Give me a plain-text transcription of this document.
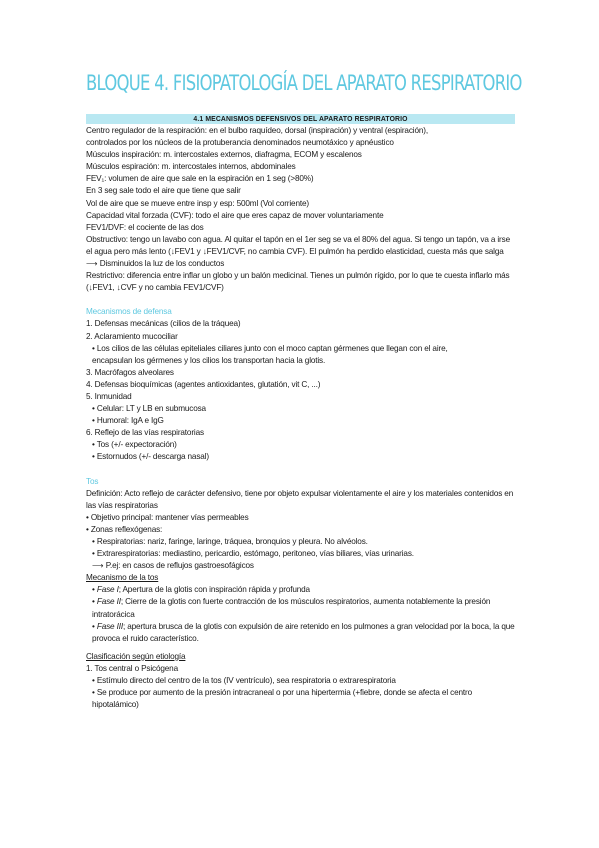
BLOQUE 4. FISIOPATOLOGÍA DEL APARATO RESPIRATORIO
4.1 MECANISMOS DEFENSIVOS DEL APARATO RESPIRATORIO
Centro regulador de la respiración: en el bulbo raquídeo, dorsal (inspiración) y ventral (espiración),
controlados por los núcleos de la protuberancia denominados neumotáxico y apnéustico
Músculos inspiración: m. intercostales externos, diafragma, ECOM y escalenos
Músculos espiración: m. intercostales internos, abdominales
FEV₁: volumen de aire que sale en la espiración en 1 seg (>80%)
En 3 seg sale todo el aire que tiene que salir
Vol de aire que se mueve entre insp y esp: 500ml (Vol corriente)
Capacidad vital forzada (CVF): todo el aire que eres capaz de mover voluntariamente
FEV1/DVF: el cociente de las dos
Obstructivo: tengo un lavabo con agua. Al quitar el tapón en el 1er seg se va el 80% del agua. Si tengo un tapón, va a irse el agua pero más lento (↓FEV1 y ↓FEV1/CVF, no cambia CVF). El pulmón ha perdido elasticidad, cuesta más que salga
⟶ Disminuidos la luz de los conductos
Restrictivo: diferencia entre inflar un globo y un balón medicinal. Tienes un pulmón rígido, por lo que te cuesta inflarlo más (↓FEV1, ↓CVF y no cambia FEV1/CVF)
Mecanismos de defensa
1. Defensas mecánicas (cilios de la tráquea)
2. Aclaramiento mucociliar
• Los cilios de las células epiteliales ciliares junto con el moco captan gérmenes que llegan con el aire,
encapsulan los gérmenes y los cilios los transportan hacia la glotis.
3. Macrófagos alveolares
4. Defensas bioquímicas (agentes antioxidantes, glutatión, vit C, ...)
5. Inmunidad
• Celular: LT y LB en submucosa
• Humoral: IgA e IgG
6. Reflejo de las vías respiratorias
• Tos (+/- expectoración)
• Estornudos (+/- descarga nasal)
Tos
Definición: Acto reflejo de carácter defensivo, tiene por objeto expulsar violentamente el aire y los materiales contenidos en las vías respiratorias
• Objetivo principal: mantener vías permeables
• Zonas reflexógenas:
• Respiratorias: nariz, faringe, laringe, tráquea, bronquios y pleura. No alvéolos.
• Extrarespiratorias: mediastino, pericardio, estómago, peritoneo, vías biliares, vías urinarias.
⟶ P.ej: en casos de reflujos gastroesofágicos
Mecanismo de la tos
• Fase I; Apertura de la glotis con inspiración rápida y profunda
• Fase II; Cierre de la glotis con fuerte contracción de los músculos respiratorios, aumenta notablemente la presión intratorácica
• Fase III; apertura brusca de la glotis con expulsión de aire retenido en los pulmones a gran velocidad por la boca, la que provoca el ruido característico.
Clasificación según etiología
1. Tos central o Psicógena
• Estímulo directo del centro de la tos (IV ventrículo), sea respiratoria o extrarespiratoria
• Se produce por aumento de la presión intracraneal o por una hipertermia (+fiebre, donde se afecta el centro hipotalámico)
